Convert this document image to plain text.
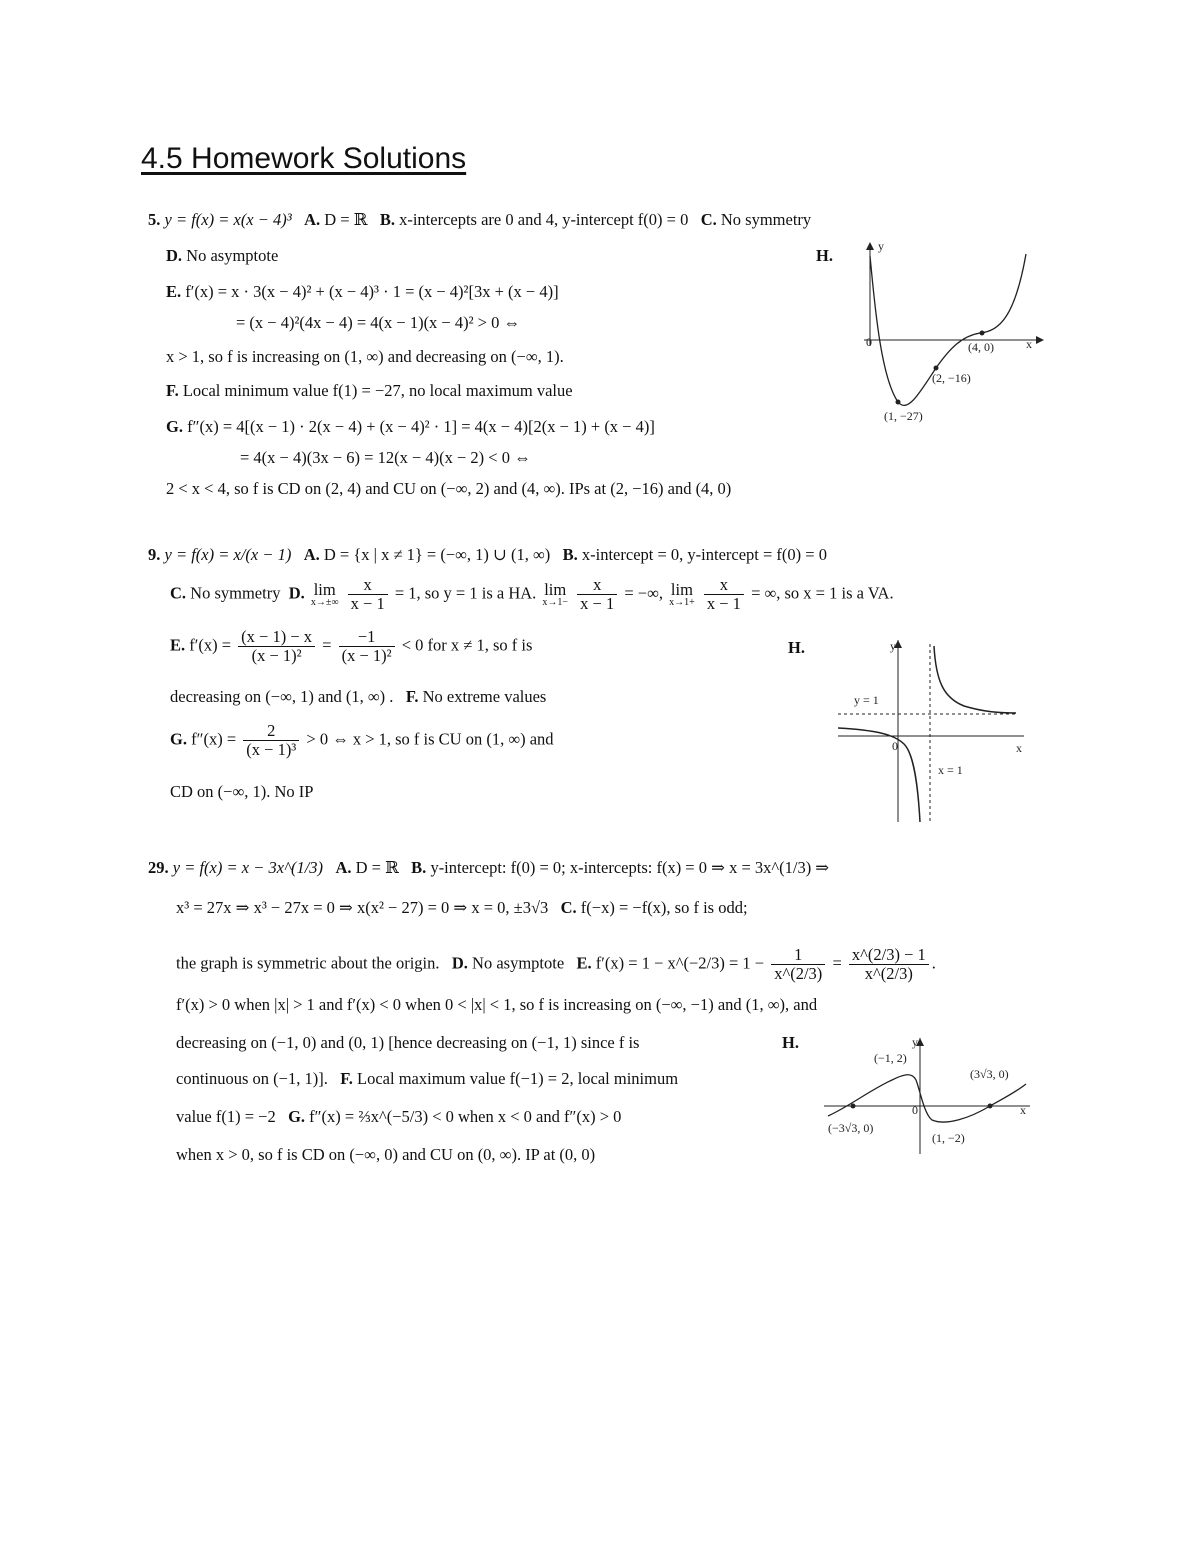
4.5 Homework Solutions
5. y = f(x) = x(x − 4)³ A. D = ℝ B. x-intercepts are 0 and 4, y-intercept f(0) = 0 C. No symmetry
D. No asymptote	H.
E. f′(x) = x · 3(x − 4)² + (x − 4)³ · 1 = (x − 4)²[3x + (x − 4)]
= (x − 4)²(4x − 4) = 4(x − 1)(x − 4)² > 0 ⇔
x > 1, so f is increasing on (1, ∞) and decreasing on (−∞, 1).
F. Local minimum value f(1) = −27, no local maximum value
G. f″(x) = 4[(x − 1) · 2(x − 4) + (x − 4)² · 1] = 4(x − 4)[2(x − 1) + (x − 4)]
= 4(x − 4)(3x − 6) = 12(x − 4)(x − 2) < 0 ⇔
2 < x < 4, so f is CD on (2, 4) and CU on (−∞, 2) and (4, ∞). IPs at (2, −16) and (4, 0)
y
x
0	(4, 0)
(2, −16)
(1, −27)
9. y = f(x) = x/(x − 1) A. D = {x | x ≠ 1} = (−∞, 1) ∪ (1, ∞) B. x-intercept = 0, y-intercept = f(0) = 0
C. No symmetry D. lim
x→±∞
$\frac{x}{x - 1} = 1$, so y = 1 is a HA. lim
x→1−
$\frac{x}{x - 1}$ = −∞, lim
x→1+
$\frac{x}{x - 1}$ = ∞, so x = 1 is a VA.
E. $f'(x) = \frac{(x - 1) - x}{\text{(x − 1)²}} = \frac{-1}{\text{(x − 1)²}} < 0$ for x ≠ 1, so f is	H.
decreasing on (−∞, 1) and (1, ∞) . F. No extreme values
G. $f''(x) = \frac{2}{\text{(x − 1)³}} > 0$ ⇔ x > 1, so f is CU on (1, ∞) and
CD on (−∞, 1). No IP
y
x
0
y = 1
x = 1
29. y = f(x) = x − 3x^(1/3) A. D = ℝ B. y-intercept: f(0) = 0; x-intercepts: f(x) = 0 ⇒ x = 3x^(1/3) ⇒
x³ = 27x ⇒ x³ − 27x = 0 ⇒ x(x² − 27) = 0 ⇒ x = 0, ±3√3 C. f(−x) = −f(x), so f is odd;
the graph is symmetric about the origin. D. No asymptote E. f′(x) = 1 − x^(−2/3) = $1 - \frac{1}{x\^{}(2/3)} = \frac{x\^{}(2/3) - 1}{x\^{}(2/3)}$ .
f′(x) > 0 when |x| > 1 and f′(x) < 0 when 0 < |x| < 1, so f is increasing on (−∞, −1) and (1, ∞), and
decreasing on (−1, 0) and (0, 1) [hence decreasing on (−1, 1) since f is	H.
continuous on (−1, 1)]. F. Local maximum value f(−1) = 2, local minimum
value f(1) = −2 G. f″(x) = ⅔x^(−5/3) < 0 when x < 0 and f″(x) > 0
when x > 0, so f is CD on (−∞, 0) and CU on (0, ∞). IP at (0, 0)
y
x
0
(−1, 2)
(3√3, 0)
(−3√3, 0)
(1, −2)
